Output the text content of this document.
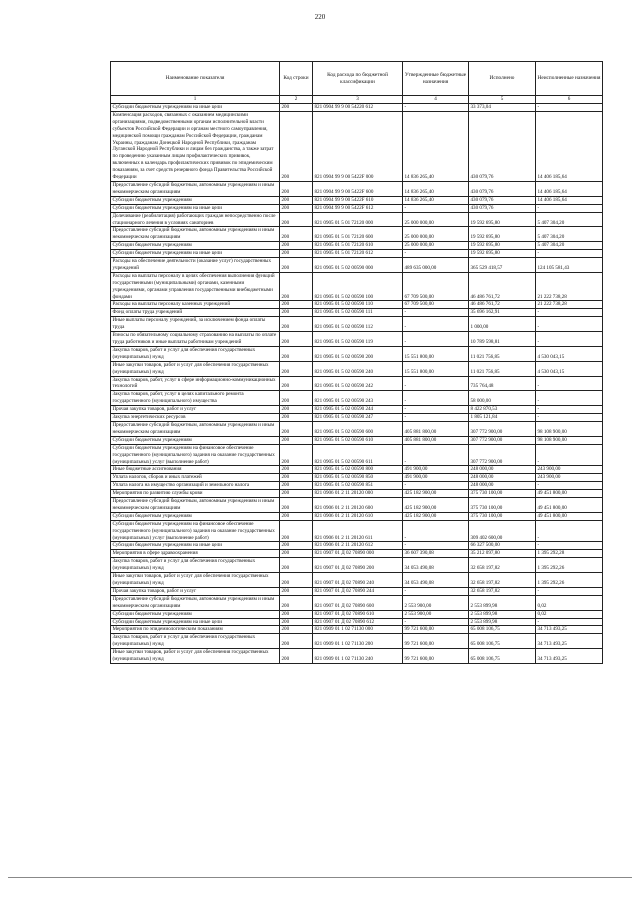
220
Наименование показателя	Код строки	Код расхода по бюджетной классификации	Утвержденные бюджетные назначения	Исполнено	Неисполненные назначения
1	2	3	4	5	6
Субсидии бюджетным учреждениям на иные цели	200	821 0904 99 9 00 54220 612	-	33 373,04	-
Компенсация расходов, связанных с оказанием медицинскими организациями, подведомственными органам исполнительной власти субъектов Российской Федерации и органам местного самоуправления, медицинской помощи гражданам Российской Федерации, гражданам Украины, гражданам Донецкой Народной Республики, гражданам Луганской Народной Республики и лицам без гражданства, а также затрат по проведению указанным лицам профилактических прививок, включенных в календарь профилактических прививок по эпидемическим показаниям, за счет средств резервного фонда Правительства Российской Федерации	200	821 0904 99 9 00 5422F 000	14 836 265,40	430 079,76	14 406 185,64
Предоставление субсидий бюджетным, автономным учреждениям и иным некоммерческим организациям	200	821 0904 99 9 00 5422F 600	14 836 265,40	430 079,76	14 406 185,64
Субсидии бюджетным учреждениям	200	821 0904 99 9 00 5422F 610	14 836 265,40	430 079,76	14 406 185,64
Субсидии бюджетным учреждениям на иные цели	200	821 0904 99 9 00 5422F 612	-	430 079,76	-
Долечивание (реабилитация) работающих граждан непосредственно после стационарного лечения в условиях санаториев	200	821 0905 01 5 01 72120 000	25 000 000,00	19 592 695,80	5 407 304,20
Предоставление субсидий бюджетным, автономным учреждениям и иным некоммерческим организациям	200	821 0905 01 5 01 72120 600	25 000 000,00	19 592 695,80	5 407 304,20
Субсидии бюджетным учреждениям	200	821 0905 01 5 01 72120 610	25 000 000,00	19 592 695,80	5 407 304,20
Субсидии бюджетным учреждениям на иные цели	200	821 0905 01 5 01 72120 612	-	19 592 695,80	-
Расходы на обеспечение деятельности (оказание услуг) государственных учреждений	200	821 0905 01 5 02 00590 000	489 635 000,00	365 529 418,57	124 105 581,43
Расходы на выплаты персоналу в целях обеспечения выполнения функций государственными (муниципальными) органами, казенными учреждениями, органами управления государственными внебюджетными фондами	200	821 0905 01 5 02 00590 100	67 709 500,00	46 486 761,72	21 222 738,28
Расходы на выплаты персоналу казенных учреждений	200	821 0905 01 5 02 00590 110	67 709 500,00	46 486 761,72	21 222 738,28
Фонд оплаты труда учреждений	200	821 0905 01 5 02 00590 111	-	35 696 162,91	-
Иные выплаты персоналу учреждений, за исключением фонда оплаты труда	200	821 0905 01 5 02 00590 112	-	1 000,00	-
Взносы по обязательному социальному страхованию на выплаты по оплате труда работников и иные выплаты работникам учреждений	200	821 0905 01 5 02 00590 119	-	10 789 598,81	-
Закупка товаров, работ и услуг для обеспечения государственных (муниципальных) нужд	200	821 0905 01 5 02 00590 200	15 551 800,00	11 021 756,85	4 530 043,15
Иные закупки товаров, работ и услуг для обеспечения государственных (муниципальных) нужд	200	821 0905 01 5 02 00590 240	15 551 800,00	11 021 756,85	4 530 043,15
Закупка товаров, работ, услуг в сфере информационно-коммуникационных технологий	200	821 0905 01 5 02 00590 242	-	735 764,48	-
Закупка товаров, работ, услуг в целях капитального ремонта государственного (муниципального) имущества	200	821 0905 01 5 02 00590 243	-	58 000,00	-
Прочая закупка товаров, работ и услуг	200	821 0905 01 5 02 00590 244	-	8 422 870,53	-
Закупка энергетических ресурсов	200	821 0905 01 5 02 00590 247	-	1 805 121,84	-
Предоставление субсидий бюджетным, автономным учреждениям и иным некоммерческим организациям	200	821 0905 01 5 02 00590 600	405 881 800,00	307 772 900,00	98 108 900,00
Субсидии бюджетным учреждениям	200	821 0905 01 5 02 00590 610	405 881 800,00	307 772 900,00	98 108 900,00
Субсидии бюджетным учреждениям на финансовое обеспечение государственного (муниципального) задания на оказание государственных (муниципальных) услуг (выполнение работ)	200	821 0905 01 5 02 00590 611	-	307 772 900,00	-
Иные бюджетные ассигнования	200	821 0905 01 5 02 00590 800	491 900,00	248 000,00	243 900,00
Уплата налогов, сборов и иных платежей	200	821 0905 01 5 02 00590 850	491 900,00	248 000,00	243 900,00
Уплата налога на имущество организаций и земельного налога	200	821 0905 01 5 02 00590 851	-	248 000,00	-
Мероприятия по развитию службы крови	200	821 0906 01 2 11 20120 000	425 182 900,00	375 730 100,00	49 451 800,00
Предоставление субсидий бюджетным, автономным учреждениям и иным некоммерческим организациям	200	821 0906 01 2 11 20120 600	425 182 900,00	375 730 100,00	49 451 800,00
Субсидии бюджетным учреждениям	200	821 0906 01 2 11 20120 610	425 182 900,00	375 730 100,00	49 451 800,00
Субсидии бюджетным учреждениям на финансовое обеспечение государственного (муниципального) задания на оказание государственных (муниципальных) услуг (выполнение работ)	200	821 0906 01 2 11 20120 611	-	309 402 600,00	-
Субсидии бюджетным учреждениям на иные цели	200	821 0906 01 2 11 20120 612	-	66 327 500,00	-
Мероприятия в сфере здравоохранения	200	821 0907 01 Д 02 70890 000	36 607 390,08	35 212 097,80	1 395 292,28
Закупка товаров, работ и услуг для обеспечения государственных (муниципальных) нужд	200	821 0907 01 Д 02 70890 200	34 053 490,08	32 658 197,82	1 395 292,26
Иные закупки товаров, работ и услуг для обеспечения государственных (муниципальных) нужд	200	821 0907 01 Д 02 70890 240	34 053 490,08	32 658 197,82	1 395 292,26
Прочая закупка товаров, работ и услуг	200	821 0907 01 Д 02 70890 244	-	32 658 197,82	-
Предоставление субсидий бюджетным, автономным учреждениям и иным некоммерческим организациям	200	821 0907 01 Д 02 70890 600	2 553 900,00	2 553 899,98	0,02
Субсидии бюджетным учреждениям	200	821 0907 01 Д 02 70890 610	2 553 900,00	2 553 899,98	0,02
Субсидии бюджетным учреждениям на иные цели	200	821 0907 01 Д 02 70890 612	-	2 553 899,98	-
Мероприятия по эпидемиологическим показаниям	200	821 0909 01 1 02 71130 000	99 721 600,00	65 008 106,75	34 713 493,25
Закупка товаров, работ и услуг для обеспечения государственных (муниципальных) нужд	200	821 0909 01 1 02 71130 200	99 721 600,00	65 008 106,75	34 713 493,25
Иные закупки товаров, работ и услуг для обеспечения государственных (муниципальных) нужд	200	821 0909 01 1 02 71130 240	99 721 600,00	65 008 106,75	34 713 493,25
